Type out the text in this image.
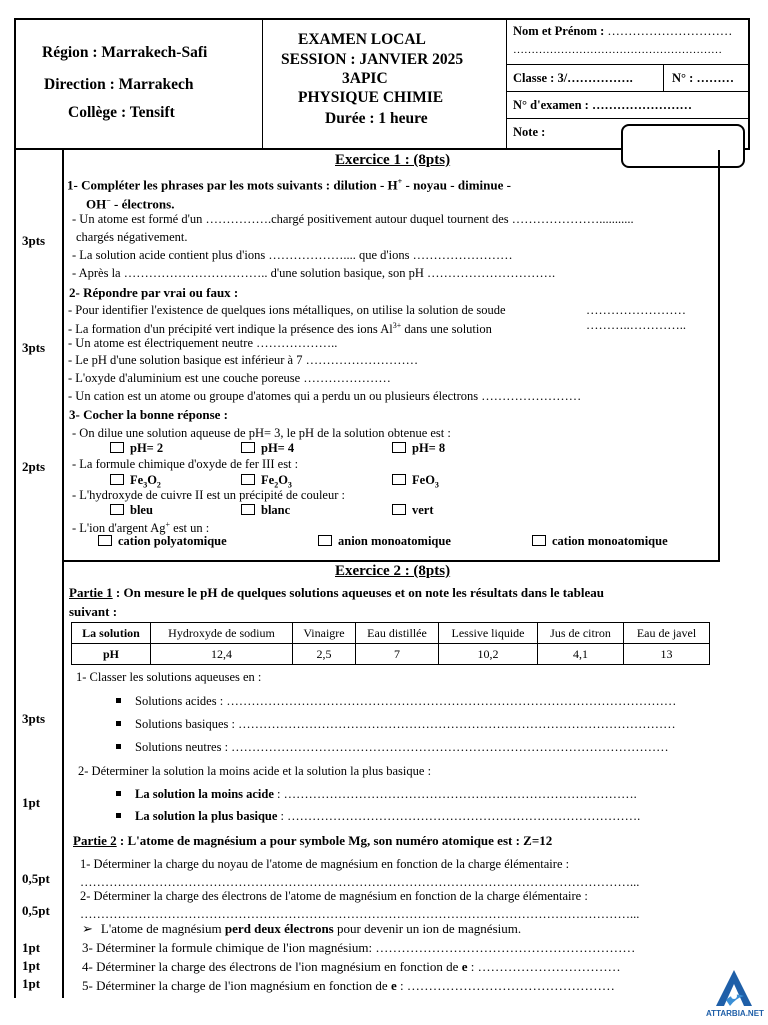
Région : Marrakech-Safi
Direction : Marrakech
Collège : Tensift
EXAMEN LOCAL
SESSION : JANVIER 2025
3APIC
PHYSIQUE CHIMIE
Durée : 1 heure
Nom et Prénom : …………………………
…………………………………………………
Classe : 3/…………….	N° : ………
N° d'examen : ……………………
Note :
Exercice 1 : (8pts)
3pts
3pts
2pts
1- Compléter les phrases par les mots suivants : dilution - H+ - noyau - diminue -
OH− - électrons.
- Un atome est formé d'un …………….chargé positivement autour duquel tournent des …………………...........
chargés négativement.
- La solution acide contient plus d'ions ……………….... que d'ions ……………………
- Après la …………………………….. d'une solution basique, son pH ………………………….
2- Répondre par vrai ou faux :
- Pour identifier l'existence de quelques ions métalliques, on utilise la solution de soude	……………………
- La formation d'un précipité vert indique la présence des ions $Al^{3+}$ dans une solution	………..…………..
- Un atome est électriquement neutre ………………..
- Le pH d'une solution basique est inférieur à 7 ………………………
- L'oxyde d'aluminium est une couche poreuse …………………
- Un cation est un atome ou groupe d'atomes qui a perdu un ou plusieurs électrons ……………………
3- Cocher la bonne réponse :
- On dilue une solution aqueuse de pH= 3, le pH de la solution obtenue est :
pH= 2	pH= 4	pH= 8
- La formule chimique d'oxyde de fer III est :
$Fe_3O_2$	$Fe_2O_3$	FeO$_3$
- L'hydroxyde de cuivre II est un précipité de couleur :
bleu	blanc	vert
- L'ion d'argent Ag+ est un :
cation polyatomique	anion monoatomique	cation monoatomique
Exercice 2 : (8pts)
Partie 1 : On mesure le pH de quelques solutions aqueuses et on note les résultats dans le tableau
suivant :
La solution	Hydroxyde de sodium	Vinaigre	Eau distillée	Lessive liquide	Jus de citron	Eau de javel
pH	12,4	2,5	7	10,2	4,1	13
3pts
1pt
0,5pt
0,5pt
1pt
1pt
1pt
1- Classer les solutions aqueuses en :
Solutions acides : ………………………………………………………………………………………………
Solutions basiques : ……………………………………………………………………………………………
Solutions neutres : ……………………………………………………………………………………………
2- Déterminer la solution la moins acide et la solution la plus basique :
La solution la moins acide : ………………………………………………………………………….
La solution la plus basique : ………………………………………………………………………….
Partie 2 : L'atome de magnésium a pour symbole Mg, son numéro atomique est : Z=12
1- Déterminer la charge du noyau de l'atome de magnésium en fonction de la charge élémentaire :
……………………………………………………………………………………………………………………...
2- Déterminer la charge des électrons de l'atome de magnésium en fonction de la charge élémentaire :
……………………………………………………………………………………………………………………...
➢ L'atome de magnésium perd deux électrons pour devenir un ion de magnésium.
3- Déterminer la formule chimique de l'ion magnésium: ……………………………………………………
4- Déterminer la charge des électrons de l'ion magnésium en fonction de e : ……………………………
5- Déterminer la charge de l'ion magnésium en fonction de e : …………………………………………
ATTARBIA.NET
